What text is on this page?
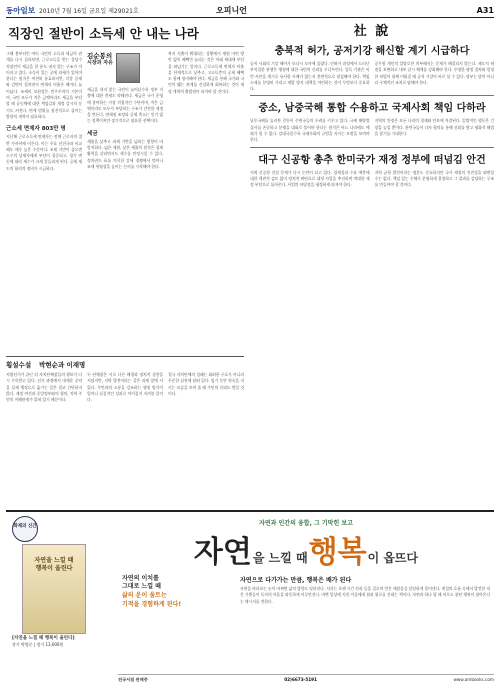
동아일보 2010년 7월 16일 금요일 제29021호	오피니언	A31
직장인 절반이 소득세 안 내는 나라
그해 봄부터인 여러 국민의 소득과 세금의 관계를 다시 살펴보면, 근로소득을 받는 상당수 직장인이 세금을 한 푼도 내지 않는 구조가 이어지고 있다. 소득이 있는 곳에 과세가 있어야 한다는 원칙은 여전히 유효하지만, 각종 공제와 감면이 겹치면서 면세자 비율은 해마다 늘어났다. 조세의 보편성은 민주주의의 기본이며, 국민 모두가 적은 금액이라도 세금을 부담할 때 공동체에 대한 책임감과 재정 감시의 동기도 커진다. 면세 범위를 점진적으로 줄이는 방향의 개혁이 필요하다.
근소세 면제자 803만 명
지난해 근로소득세 면제자는 전체 근로자의 절반 가까이에 이른다. 이는 주요 선진국과 비교해도 매우 높은 수준이다. 조세 기반이 좁으면 소수의 납세자에게 부담이 집중되고, 경기 변동에 따라 세수가 크게 흔들리게 된다. 공제 제도의 합리적 정비가 시급하다.
김순봉의
시장과 자유
세금을 내지 않는 국민이 늘어날수록 정부 지출에 대한 견제도 약해진다. 세금은 국가 운영에 참여하는 가장 직접적인 수단이며, 적은 금액이라도 모두가 부담하는 구조가 건전한 재정을 만든다. 면세점 조정과 공제 축소는 인기 없는 정책이지만 장기적으로 필요한 선택이다.
세금
세율을 낮추고 과세 기반을 넓히는 방향이 바람직하다. 넓은 세원, 낮은 세율의 원칙은 경제 활력을 살리면서도 세수를 안정시킬 수 있다. 정치권도 표를 의식한 감세 경쟁에서 벗어나 조세 형평성을 높이는 논의를 시작해야 한다.
복지 지출이 확대되는 상황에서 재원 마련 방안 없이 혜택만 늘리는 것은 미래 세대에 부담을 떠넘기는 일이다. 근로소득세 면제자 비율을 단계적으로 낮추고, 고소득층의 공제 혜택도 함께 정비해야 한다. 세금을 통해 국가와 국민이 맺는 관계를 건강하게 회복하는 것이 재정 개혁의 출발점이 되어야 할 것이다.
횡설수설 박현순과 이재명
지방선거가 끝난 뒤 자치단체장들의 행보가 다시 주목받고 있다. 선거 과정에서 내세운 공약을 실제 행정으로 옮기는 일은 결코 간단하지 않다. 재정 여건과 중앙정부와의 협의, 지역 주민의 이해관계가 얽혀 있기 때문이다.
두 단체장은 서로 다른 배경과 정치적 성향을 지녔지만, 지역 발전이라는 같은 과제 앞에 서 있다. 주민과의 소통을 강조하는 행정 방식이 얼마나 실질적인 성과로 이어질지 지켜볼 일이다.
결국 자치단체의 성패는 화려한 구호가 아니라 꾸준한 실천에 달려 있다. 임기 동안 약속을 지키는 모습을 보여 줄 때 주민의 신뢰도 쌓일 것이다.
社 說
충북적 허가, 공저기강 해신할 계기 시급하다
공직 사회의 기강 해이가 또다시 도마에 올랐다. 인허가 과정에서 드러난 부적절한 관행은 행정에 대한 국민의 신뢰를 무너뜨린다. 감독 기관은 이번 사안을 계기로 유사한 사례가 없는지 전면적으로 점검해야 한다. 책임 소재를 분명히 가리고 재발 방지 대책을 마련하는 것이 무엇보다 중요하다.
공무원 개인의 일탈로만 치부해서는 문제가 해결되지 않는다. 제도적 허점을 보완하고 내부 감시 체계를 강화해야 한다. 투명한 행정 절차와 엄정한 처벌이 함께 이뤄질 때 공직 기강이 바로 설 수 있다. 정부는 말이 아니라 구체적인 조치로 답해야 한다.
중소, 남중국해 통합 수용하고 국제사회 책임 다하라
남중국해를 둘러싼 갈등이 주변국들의 우려를 키우고 있다. 국제 해양법 질서를 존중하고 분쟁을 대화로 풀어야 한다는 원칙은 어느 나라에도 예외가 될 수 없다. 강대국일수록 국제사회의 규범을 지키는 모범을 보여야 한다.
지역의 안정은 모든 나라의 경제와 안보에 직결된다. 일방적인 행동은 긴장을 높일 뿐이다. 관련국들이 다자 협의를 통해 신뢰를 쌓고 평화적 해법을 찾기를 기대한다.
대구 신공항 총추 한미국가 재정 정부에 떠넘김 안건
지역 신공항 건설 문제가 다시 논란이 되고 있다. 경제성과 수요 예측에 대한 객관적 검토 없이 정치적 판단으로 대형 사업을 추진하면 막대한 재정 부담으로 돌아온다. 사업의 타당성을 냉정하게 따져야 한다.
지역 균형 발전이라는 명분도 중요하지만 국가 재정의 건전성을 외면할 수는 없다. 책임 있는 주체가 분명하게 결정하고 그 결과를 감당하는 구조를 만들어야 할 것이다.
화제의 신간
자연을 느낄 때
행복이 올린다
[자연을 느낄 때 행복이 올린다]
작가 박병준 | 정가 13,000원
자연과 인간의 융합, 그 기막힌 보고
자연 을 느낄 때 행복 이 옵뜨다
자연의 이치를
그대로 느낄 때
삶의 운이 움트는
기적을 경험하게 된다!
자연으로 다가가는 만큼, 행복은 배가 된다
자연을 바라보는 눈이 바뀌면 삶의 방향도 달라진다. 저자는 오랜 시간 산과 들을 걸으며 얻은 깨달음을 담담하게 풀어낸다. 계절의 흐름 속에서 발견한 작은 기쁨들이 독자의 마음을 따뜻하게 어루만진다. 바쁜 일상에 지친 이들에게 쉼과 위로를 건네는 책이다. 자연과 하나 될 때 비로소 참된 행복이 찾아온다는 메시지를 전한다.
전국서점 판매중	02)6673-5191	www.ambooks.com
